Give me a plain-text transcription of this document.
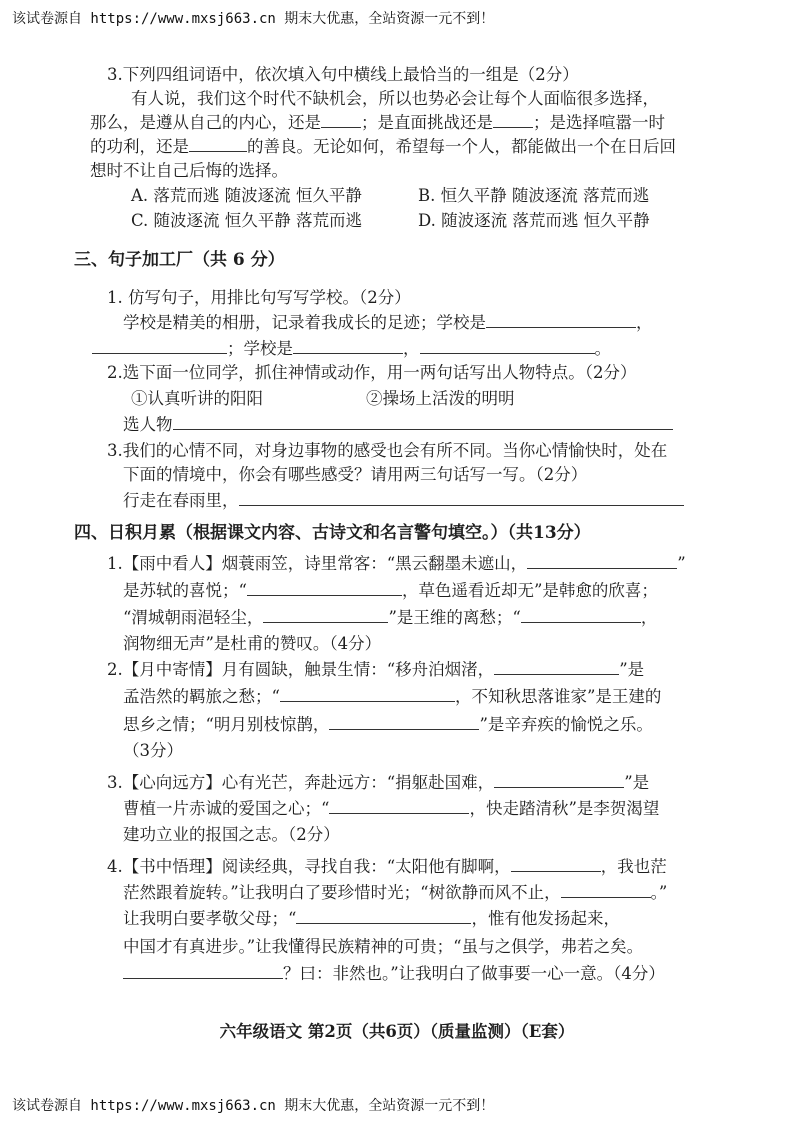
该试卷源自 https://www.mxsj663.cn 期末大优惠，全站资源一元不到！
3.下列四组词语中，依次填入句中横线上最恰当的一组是（2分）
有人说，我们这个时代不缺机会，所以也势必会让每个人面临很多选择，
那么，是遵从自己的内心，还是 ；是直面挑战还是 ；是选择喧嚣一时
的功利，还是	的善良。无论如何，希望每一个人，都能做出一个在日后回
想时不让自己后悔的选择。
A. 落荒而逃 随波逐流 恒久平静	B. 恒久平静 随波逐流 落荒而逃
C. 随波逐流 恒久平静 落荒而逃	D. 随波逐流 落荒而逃 恒久平静
三、句子加工厂（共 6 分）
1. 仿写句子，用排比句写写学校。（2分）
学校是精美的相册，记录着我成长的足迹；学校是	，
；学校是	，	。
2.选下面一位同学，抓住神情或动作，用一两句话写出人物特点。（2分）
①认真听讲的阳阳	②操场上活泼的明明
选人物
3.我们的心情不同，对身边事物的感受也会有所不同。当你心情愉快时，处在
下面的情境中，你会有哪些感受？请用两三句话写一写。（2分）
行走在春雨里，
四、日积月累（根据课文内容、古诗文和名言警句填空。）（共13分）
1.【雨中看人】烟蓑雨笠，诗里常客：“黑云翻墨未遮山，	”
是苏轼的喜悦；“	，草色遥看近却无”是韩愈的欣喜；
“渭城朝雨浥轻尘，	”是王维的离愁；“	，
润物细无声”是杜甫的赞叹。（4分）
2.【月中寄情】月有圆缺，触景生情：“移舟泊烟渚，	”是
孟浩然的羁旅之愁；“	，不知秋思落谁家”是王建的
思乡之情；“明月别枝惊鹊，	”是辛弃疾的愉悦之乐。
（3分）
3.【心向远方】心有光芒，奔赴远方：“捐躯赴国难，	”是
曹植一片赤诚的爱国之心；“	，快走踏清秋”是李贺渴望
建功立业的报国之志。（2分）
4.【书中悟理】阅读经典，寻找自我：“太阳他有脚啊，	，我也茫
茫然跟着旋转。”让我明白了要珍惜时光；“树欲静而风不止，	。”
让我明白要孝敬父母；“	，惟有他发扬起来，
中国才有真进步。”让我懂得民族精神的可贵；“虽与之俱学，弗若之矣。
？曰：非然也。”让我明白了做事要一心一意。（4分）
六年级语文 第2页（共6页）（质量监测）（E套）
该试卷源自 https://www.mxsj663.cn 期末大优惠，全站资源一元不到！
